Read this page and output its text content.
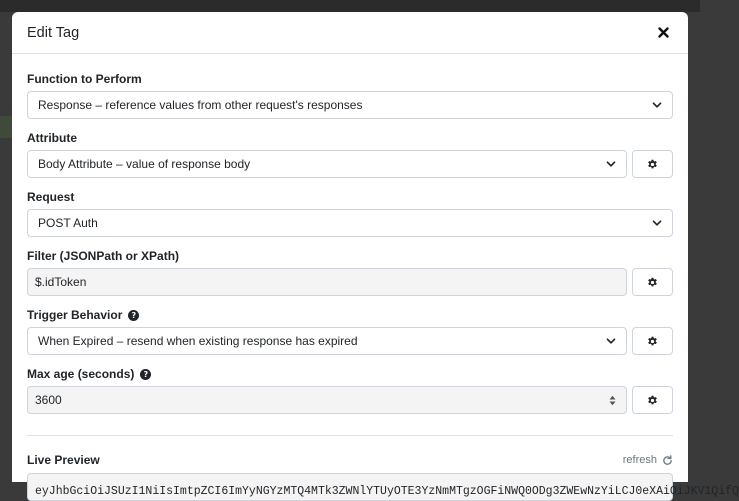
Edit Tag
Function to Perform
Response – reference values from other request's responses
Attribute
Body Attribute – value of response body
Request
POST Auth
Filter (JSONPath or XPath)
$.idToken
Trigger Behavior	?
When Expired – resend when existing response has expired
Max age (seconds)	?
3600
Live Preview	refresh
eyJhbGciOiJSUzI1NiIsImtpZCI6ImYyNGYzMTQ4MTk3ZWNlYTUyOTE3YzNmMTgzOGFiNWQ0ODg3ZWEwNzYiLCJ0eXAiOiJKV1QifQ
